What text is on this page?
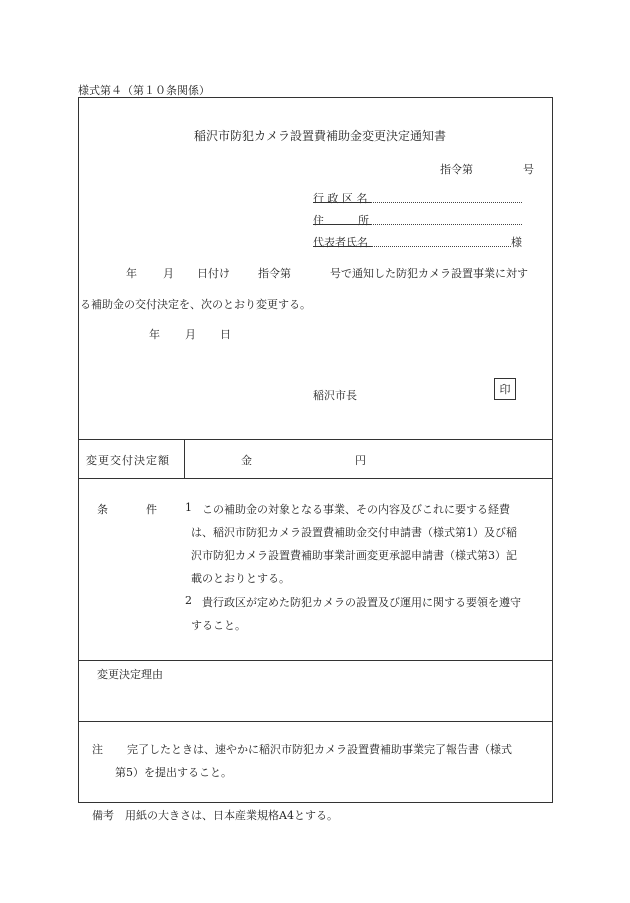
様式第４（第１０条関係）
稲沢市防犯カメラ設置費補助金変更決定通知書
指令第	号
行 政 区 名
住	所
代表者氏名	様
年 月 日付け	指令第	号で通知した防犯カメラ設置事業に対す
る補助金の交付決定を、次のとおり変更する。
年 月 日
稲沢市長	印
変更交付決定額	金	円
条	件	1 この補助金の対象となる事業、その内容及びこれに要する経費
は、稲沢市防犯カメラ設置費補助金交付申請書（様式第1）及び稲
沢市防犯カメラ設置費補助事業計画変更承認申請書（様式第3）記
載のとおりとする。
2 貴行政区が定めた防犯カメラの設置及び運用に関する要領を遵守
すること。
変更決定理由
注 完了したときは、速やかに稲沢市防犯カメラ設置費補助事業完了報告書（様式
第5）を提出すること。
備考　用紙の大きさは、日本産業規格A4とする。
